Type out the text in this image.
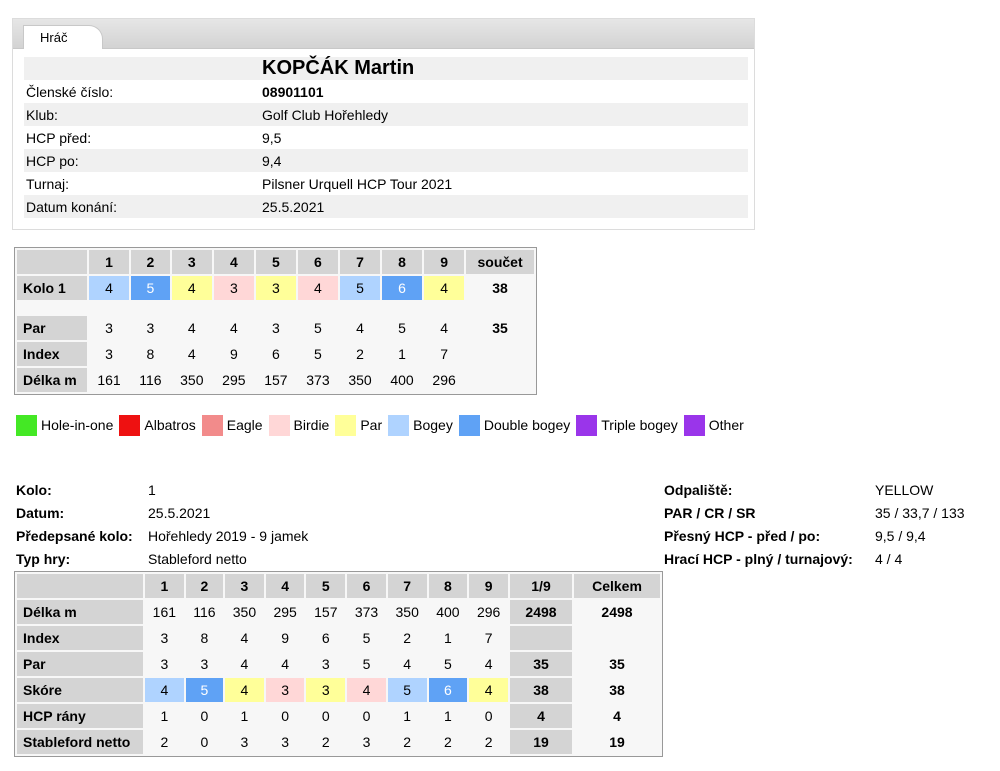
Hráč
	KOPČÁK Martin
Členské číslo:	08901101
Klub:	Golf Club Hořehledy
HCP před:	9,5
HCP po:	9,4
Turnaj:	Pilsner Urquell HCP Tour 2021
Datum konání:	25.5.2021
	1	2	3	4	5	6	7	8	9	součet
Kolo 1	4	5	4	3	3	4	5	6	4	38

Par	3	3	4	4	3	5	4	5	4	35
Index	3	8	4	9	6	5	2	1	7	
Délka m	161	116	350	295	157	373	350	400	296	
Hole-in-one Albatros Eagle Birdie Par Bogey Double bogey Triple bogey Other
Kolo:	1
Datum:	25.5.2021
Předepsané kolo:	Hořehledy 2019 - 9 jamek
Typ hry:	Stableford netto
Odpaliště:	YELLOW
PAR / CR / SR	35 / 33,7 / 133
Přesný HCP - před / po:	9,5 / 9,4
Hrací HCP - plný / turnajový:	4 / 4
	1	2	3	4	5	6	7	8	9	1/9	Celkem
Délka m	161	116	350	295	157	373	350	400	296	2498	2498
Index	3	8	4	9	6	5	2	1	7		
Par	3	3	4	4	3	5	4	5	4	35	35
Skóre	4	5	4	3	3	4	5	6	4	38	38
HCP rány	1	0	1	0	0	0	1	1	0	4	4
Stableford netto	2	0	3	3	2	3	2	2	2	19	19
